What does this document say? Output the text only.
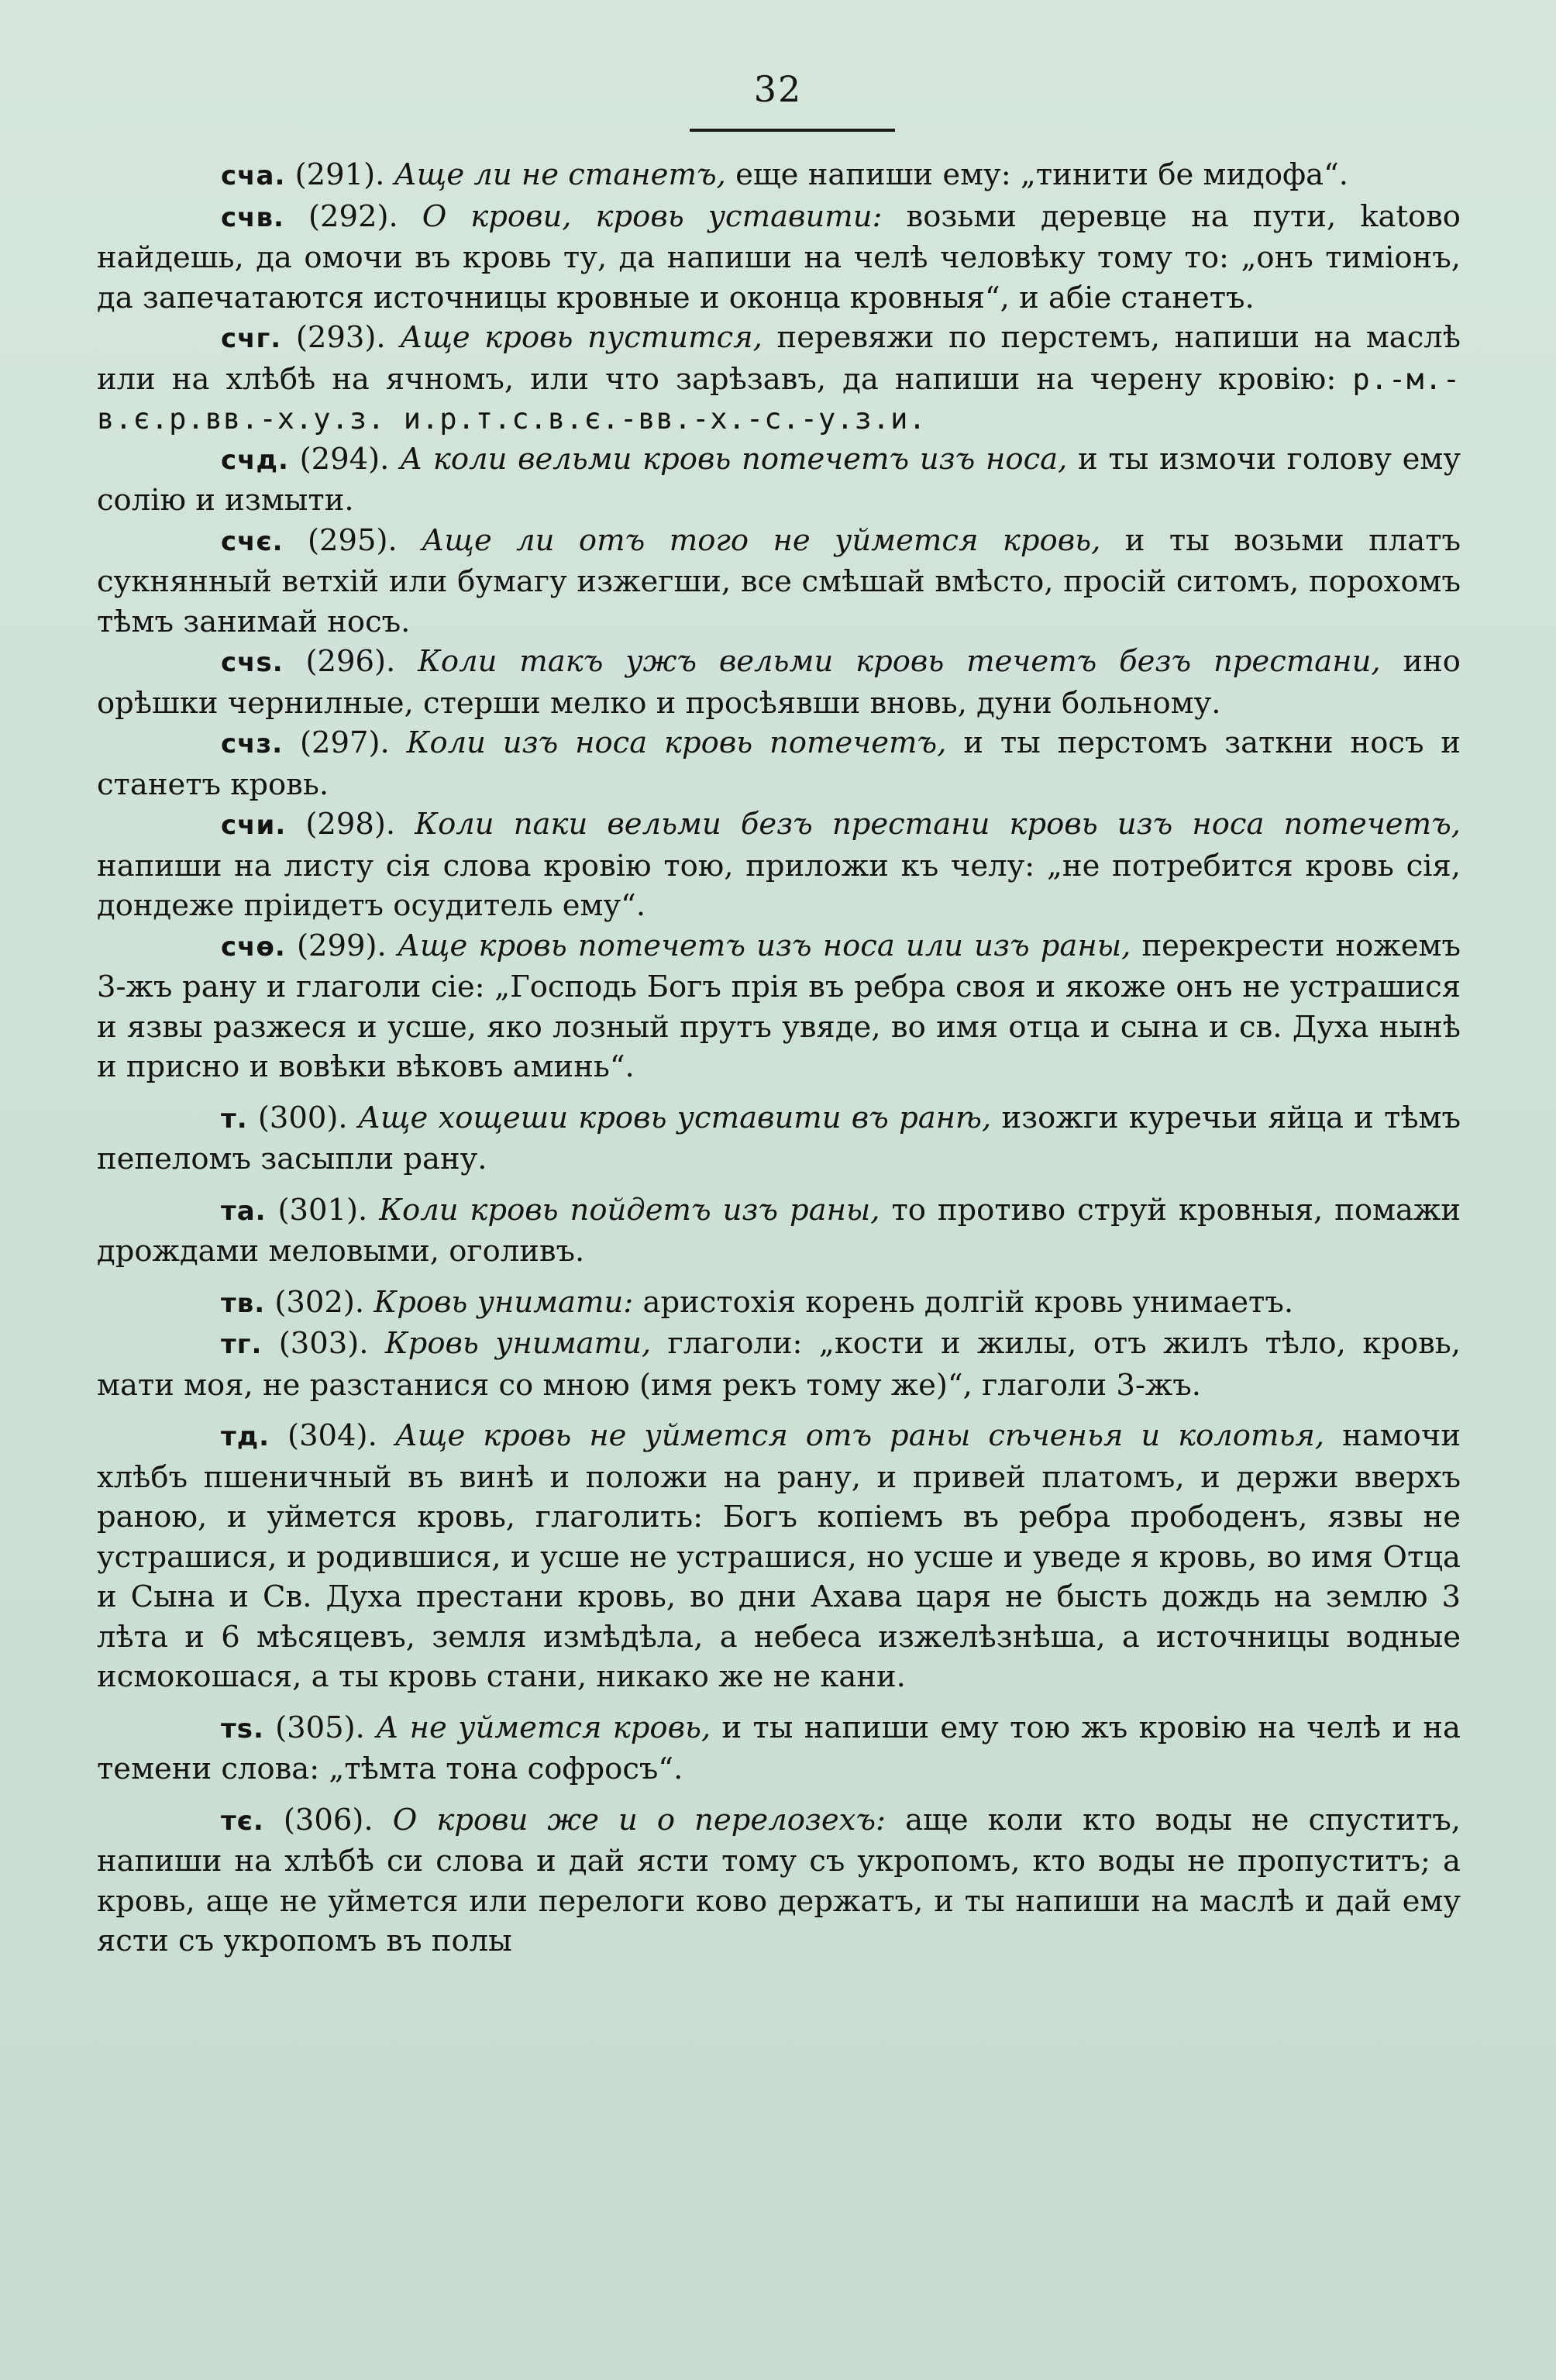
32

сча. (291). Аще ли не станетъ, еще напиши ему: „тинити бе мидофа“.

счв. (292). О крови, кровь уставити: возьми деревце на пути, katово найдешь, да омочи въ кровь ту, да напиши на челѣ человѣку тому то: „онъ тимiонъ, да запечатаются источницы кровные и оконца кровныя“, и абiе станетъ.

счг. (293). Аще кровь пустится, перевяжи по перстемъ, напиши на маслѣ или на хлѣбѣ на ячномъ, или что зарѣзавъ, да напиши на черену кровiю: р.-м.-в.є.р.вв.-х.у.з. и.р.т.с.в.є.-вв.-х.-с.-у.з.и.

счд. (294). А коли вельми кровь потечетъ изъ носа, и ты измочи голову ему солiю и измыти.

счє. (295). Аще ли отъ того не уймется кровь, и ты возьми платъ сукнянный ветхiй или бумагу изжегши, все смѣшай вмѣсто, просiй ситомъ, порохомъ тѣмъ занимай носъ.

счѕ. (296). Коли такъ ужъ вельми кровь течетъ безъ престани, ино орѣшки чернилные, стерши мелко и просѣявши вновь, дуни больному.

счз. (297). Коли изъ носа кровь потечетъ, и ты перстомъ заткни носъ и станетъ кровь.

счи. (298). Коли паки вельми безъ престани кровь изъ носа потечетъ, напиши на листу сiя слова кровiю тою, приложи къ челу: „не потребится кровь сiя, дондеже прiидетъ осудитель ему“.

счѳ. (299). Аще кровь потечетъ изъ носа или изъ раны, перекрести ножемъ 3-жъ рану и глаголи сiе: „Господь Богъ прiя въ ребра своя и якоже онъ не устрашися и язвы разжеся и усше, яко лозный прутъ увяде, во имя отца и сына и св. Духа нынѣ и присно и вовѣки вѣковъ аминь“.

т. (300). Аще хощеши кровь уставити въ ранѣ, изожги куречьи яйца и тѣмъ пепеломъ засыпли рану.

та. (301). Коли кровь пойдетъ изъ раны, то противо струй кровныя, помажи дрождами меловыми, оголивъ.

тв. (302). Кровь унимати: аристохiя корень долгiй кровь унимаетъ.

тг. (303). Кровь унимати, глаголи: „кости и жилы, отъ жилъ тѣло, кровь, мати моя, не разстанися со мною (имя рекъ тому же)“, глаголи 3-жъ.

тд. (304). Аще кровь не уймется отъ раны сѣченья и колотья, намочи хлѣбъ пшеничный въ винѣ и положи на рану, и привей платомъ, и держи вверхъ раною, и уймется кровь, глаголить: Богъ копiемъ въ ребра прободенъ, язвы не устрашися, и родившися, и усше не устрашися, но усше и уведе я кровь, во имя Отца и Сына и Св. Духа престани кровь, во дни Ахава царя не бысть дождь на землю 3 лѣта и 6 мѣсяцевъ, земля измѣдѣла, а небеса изжелѣзнѣша, а источницы водные исмокошася, а ты кровь стани, никако же не кани.

тѕ. (305). А не уймется кровь, и ты напиши ему тою жъ кровiю на челѣ и на темени слова: „тѣмта тона софросъ“.

тє. (306). О крови же и о перелозехъ: аще коли кто воды не спуститъ, напиши на хлѣбѣ си слова и дай ясти тому съ укропомъ, кто воды не пропуститъ; а кровь, аще не уймется или перелоги ково держатъ, и ты напиши на маслѣ и дай ему ясти съ укропомъ въ полы
